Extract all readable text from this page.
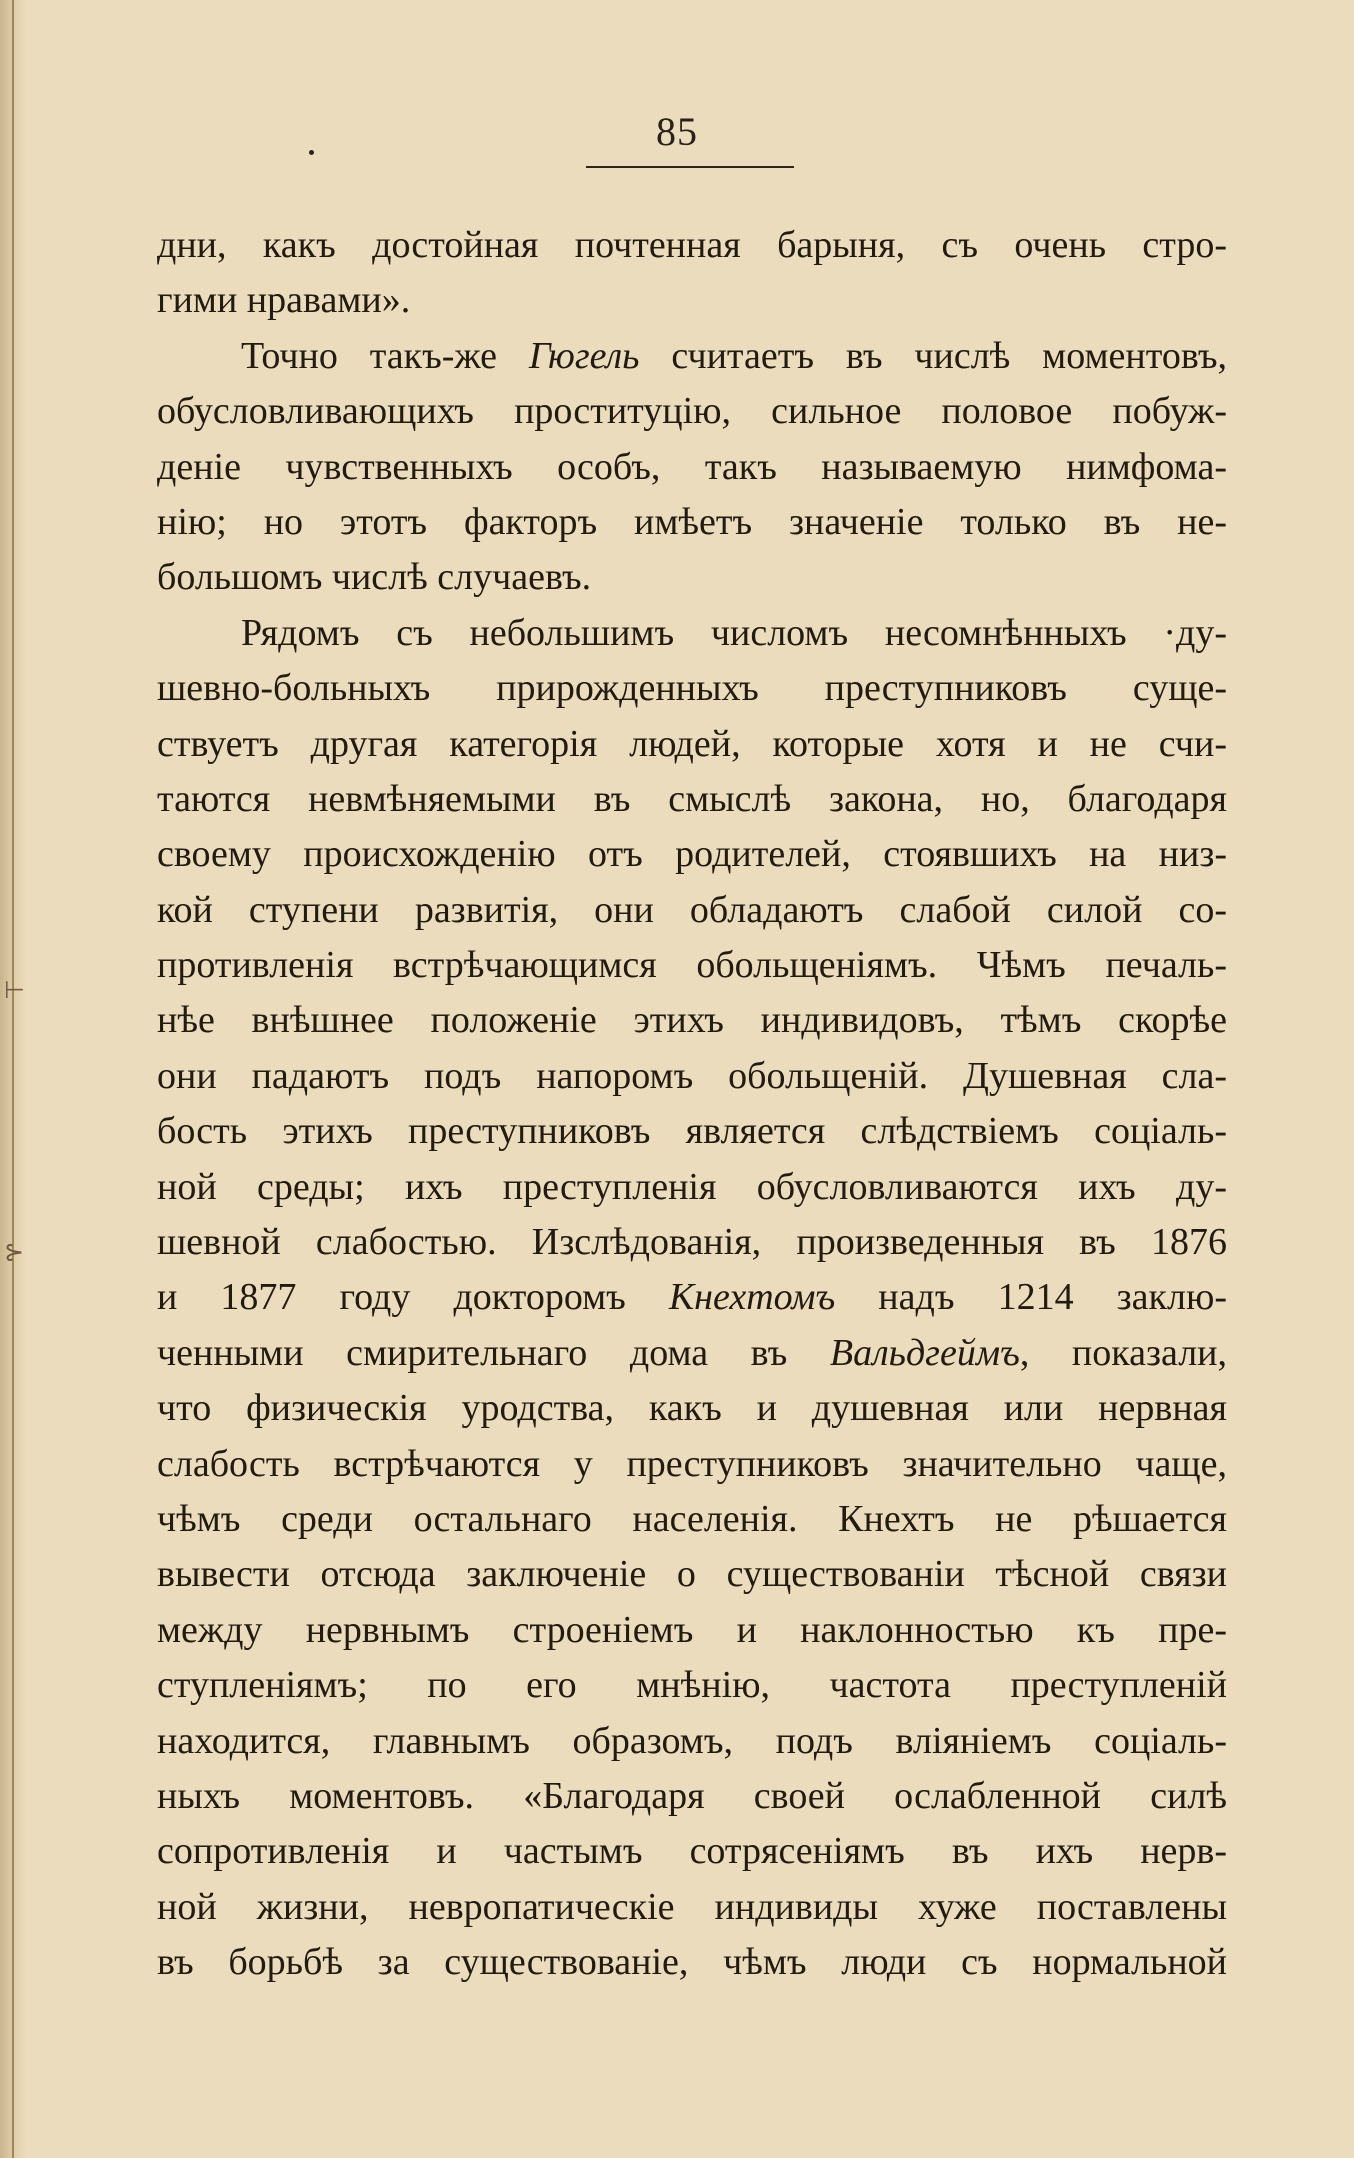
⊢
⊱
85
дни, какъ достойная почтенная барыня, съ очень стро-
гими нравами».
Точно такъ-же Гюгель считаетъ въ числѣ моментовъ,
обусловливающихъ проституцію, сильное половое побуж-
деніе чувственныхъ особъ, такъ называемую нимфома-
нію; но этотъ факторъ имѣетъ значеніе только въ не-
большомъ числѣ случаевъ.
Рядомъ съ небольшимъ числомъ несомнѣнныхъ ·ду-
шевно-больныхъ прирожденныхъ преступниковъ суще-
ствуетъ другая категорія людей, которые хотя и не счи-
таются невмѣняемыми въ смыслѣ закона, но, благодаря
своему происхожденію отъ родителей, стоявшихъ на низ-
кой ступени развитія, они обладаютъ слабой силой со-
противленія встрѣчающимся обольщеніямъ. Чѣмъ печаль-
нѣе внѣшнее положеніе этихъ индивидовъ, тѣмъ скорѣе
они падаютъ подъ напоромъ обольщеній. Душевная сла-
бость этихъ преступниковъ является слѣдствіемъ соціаль-
ной среды; ихъ преступленія обусловливаются ихъ ду-
шевной слабостью. Изслѣдованія, произведенныя въ 1876
и 1877 году докторомъ Кнехтомъ надъ 1214 заклю-
ченными смирительнаго дома въ Вальдгеймъ, показали,
что физическія уродства, какъ и душевная или нервная
слабость встрѣчаются у преступниковъ значительно чаще,
чѣмъ среди остальнаго населенія. Кнехтъ не рѣшается
вывести отсюда заключеніе о существованіи тѣсной связи
между нервнымъ строеніемъ и наклонностью къ пре-
ступленіямъ; по его мнѣнію, частота преступленій
находится, главнымъ образомъ, подъ вліяніемъ соціаль-
ныхъ моментовъ. «Благодаря своей ослабленной силѣ
сопротивленія и частымъ сотрясеніямъ въ ихъ нерв-
ной жизни, невропатическіе индивиды хуже поставлены
въ борьбѣ за существованіе, чѣмъ люди съ нормальной
